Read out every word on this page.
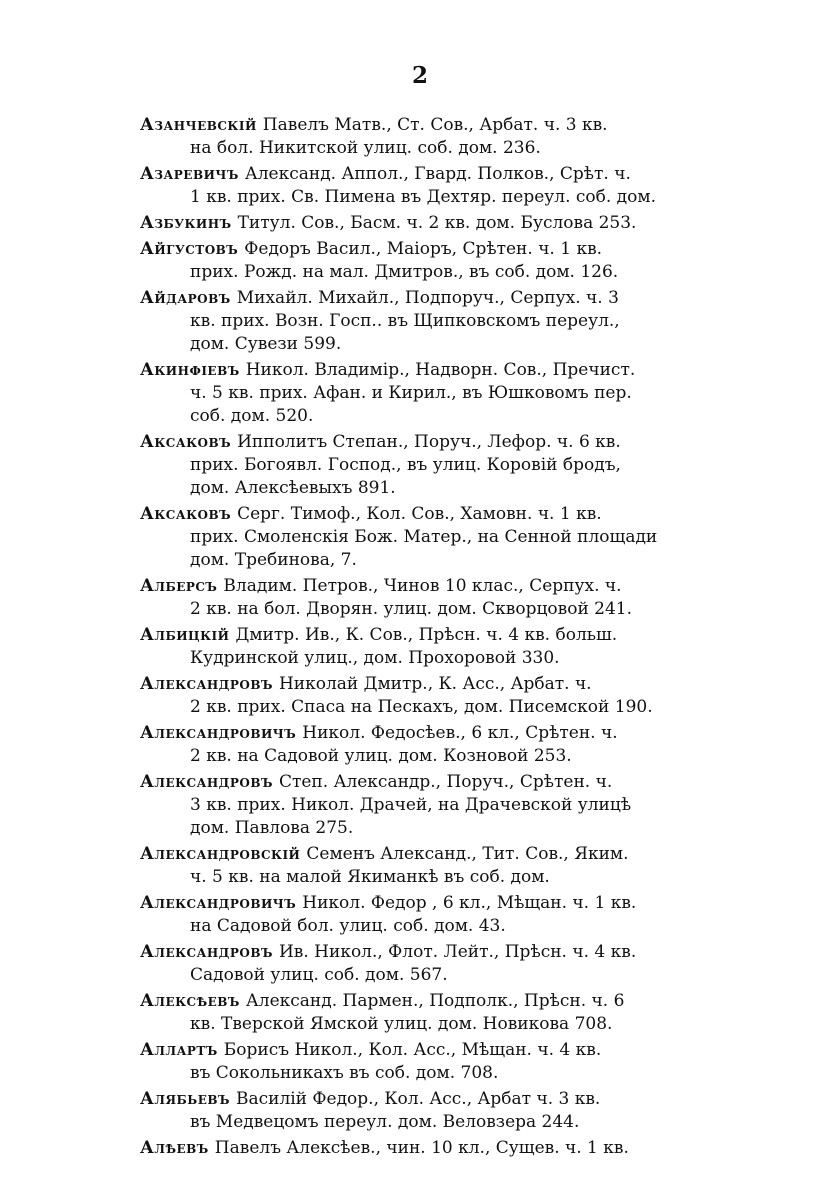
2
Азанчевскій Павелъ Матв., Ст. Сов., Арбат. ч. 3 кв.
на бол. Никитской улиц. соб. дом. 236.
Азаревичъ Александ. Аппол., Гвард. Полков., Срѣт. ч.
1 кв. прих. Св. Пимена въ Дехтяр. переул. соб. дом.
Азбукинъ Титул. Сов., Басм. ч. 2 кв. дом. Буслова 253.
Айгустовъ Федоръ Васил., Маіоръ, Срѣтен. ч. 1 кв.
прих. Рожд. на мал. Дмитров., въ соб. дом. 126.
Айдаровъ Михайл. Михайл., Подпоруч., Серпух. ч. 3
кв. прих. Возн. Госп.. въ Щипковскомъ переул.,
дом. Сувези 599.
Акинфіевъ Никол. Владиміp., Надворн. Сов., Пречист.
ч. 5 кв. прих. Афан. и Кирил., въ Юшковомъ пер.
соб. дом. 520.
Аксаковъ Ипполитъ Степан., Поруч., Лефор. ч. 6 кв.
прих. Богоявл. Господ., въ улиц. Коровій бродъ,
дом. Алексѣевыхъ 891.
Аксаковъ Серг. Тимоф., Кол. Сов., Хамовн. ч. 1 кв.
прих. Смоленскія Бож. Матер., на Сенной площади
дом. Требинова, 7.
Алберсъ Владим. Петров., Чинов 10 клас., Серпух. ч.
2 кв. на бол. Дворян. улиц. дом. Скворцовой 241.
Албицкій Дмитр. Ив., К. Сов., Прѣсн. ч. 4 кв. больш.
Кудринской улиц., дом. Прохоровой 330.
Александровъ Николай Дмитр., К. Асс., Арбат. ч.
2 кв. прих. Спаса на Пескахъ, дом. Писемской 190.
Александровичъ Никол. Федосѣев., 6 кл., Срѣтен. ч.
2 кв. на Садовой улиц. дом. Козновой 253.
Александровъ Степ. Александр., Поруч., Срѣтен. ч.
3 кв. прих. Никол. Драчей, на Драчевской улицѣ
дом. Павлова 275.
Александровскій Семенъ Александ., Тит. Сов., Яким.
ч. 5 кв. на малой Якиманкѣ въ соб. дом.
Александровичъ Никол. Федор , 6 кл., Мѣщан. ч. 1 кв.
на Садовой бол. улиц. соб. дом. 43.
Александровъ Ив. Никол., Флот. Лейт., Прѣсн. ч. 4 кв.
Садовой улиц. соб. дом. 567.
Алексѣевъ Александ. Пармен., Подполк., Прѣсн. ч. 6
кв. Тверской Ямской улиц. дом. Новикова 708.
Аллартъ Борисъ Никол., Кол. Асс., Мѣщан. ч. 4 кв.
въ Сокольникахъ въ соб. дом. 708.
Алябьевъ Василій Федор., Кол. Асс., Арбат ч. 3 кв.
въ Медвецомъ переул. дом. Веловзера 244.
Алѣевъ Павелъ Алексѣев., чин. 10 кл., Сущев. ч. 1 кв.
